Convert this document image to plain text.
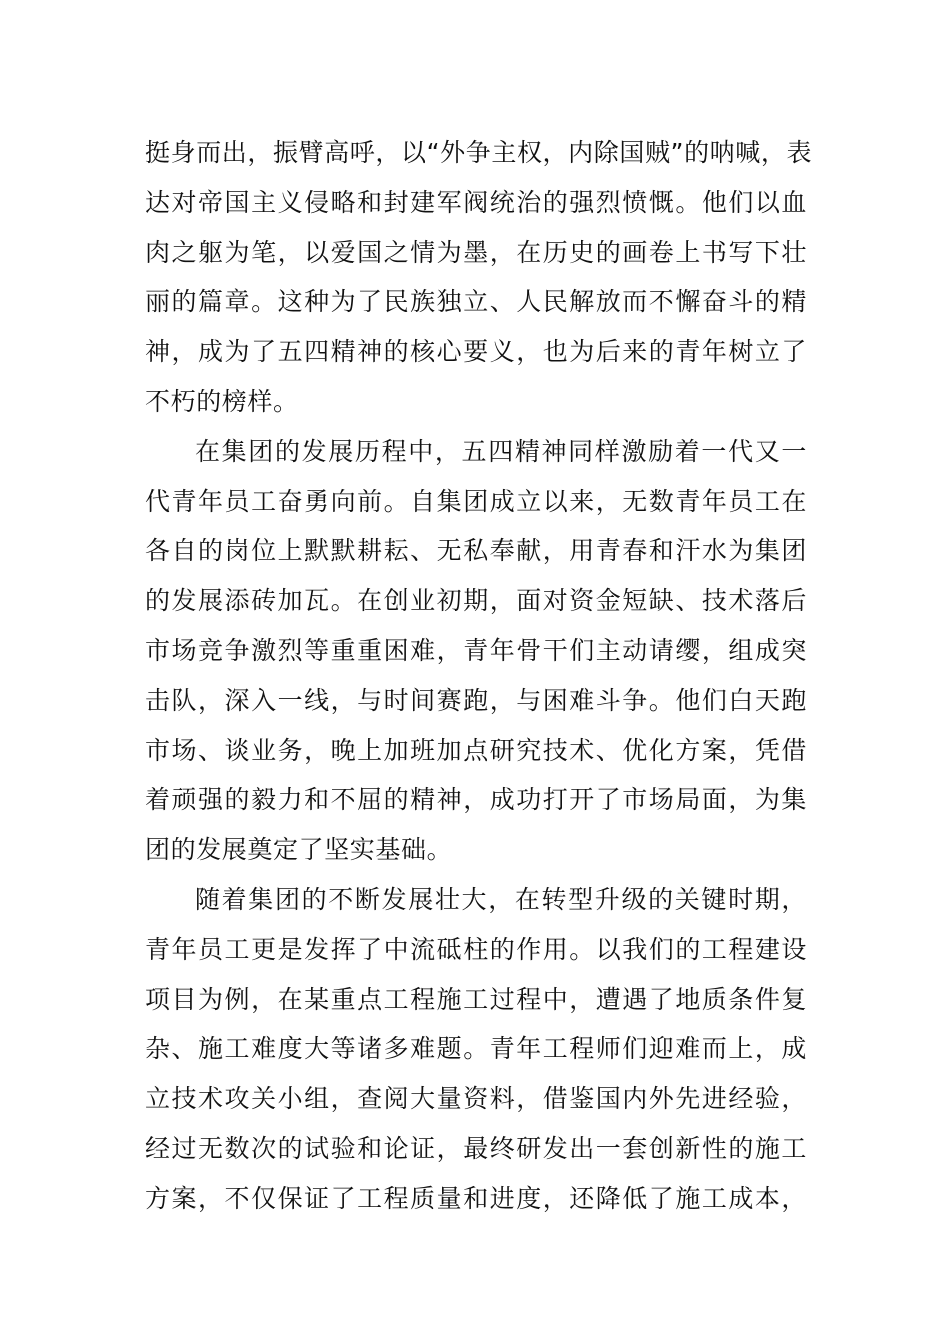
挺身而出，振臂高呼，以“外争主权，内除国贼”的呐喊，表
达对帝国主义侵略和封建军阀统治的强烈愤慨。他们以血
肉之躯为笔，以爱国之情为墨，在历史的画卷上书写下壮
丽的篇章。这种为了民族独立、人民解放而不懈奋斗的精
神，成为了五四精神的核心要义，也为后来的青年树立了
不朽的榜样。
在集团的发展历程中，五四精神同样激励着一代又一
代青年员工奋勇向前。自集团成立以来，无数青年员工在
各自的岗位上默默耕耘、无私奉献，用青春和汗水为集团
的发展添砖加瓦。在创业初期，面对资金短缺、技术落后
市场竞争激烈等重重困难，青年骨干们主动请缨，组成突
击队，深入一线，与时间赛跑，与困难斗争。他们白天跑
市场、谈业务，晚上加班加点研究技术、优化方案，凭借
着顽强的毅力和不屈的精神，成功打开了市场局面，为集
团的发展奠定了坚实基础。
随着集团的不断发展壮大，在转型升级的关键时期，
青年员工更是发挥了中流砥柱的作用。以我们的工程建设
项目为例，在某重点工程施工过程中，遭遇了地质条件复
杂、施工难度大等诸多难题。青年工程师们迎难而上，成
立技术攻关小组，查阅大量资料，借鉴国内外先进经验，
经过无数次的试验和论证，最终研发出一套创新性的施工
方案，不仅保证了工程质量和进度，还降低了施工成本，
